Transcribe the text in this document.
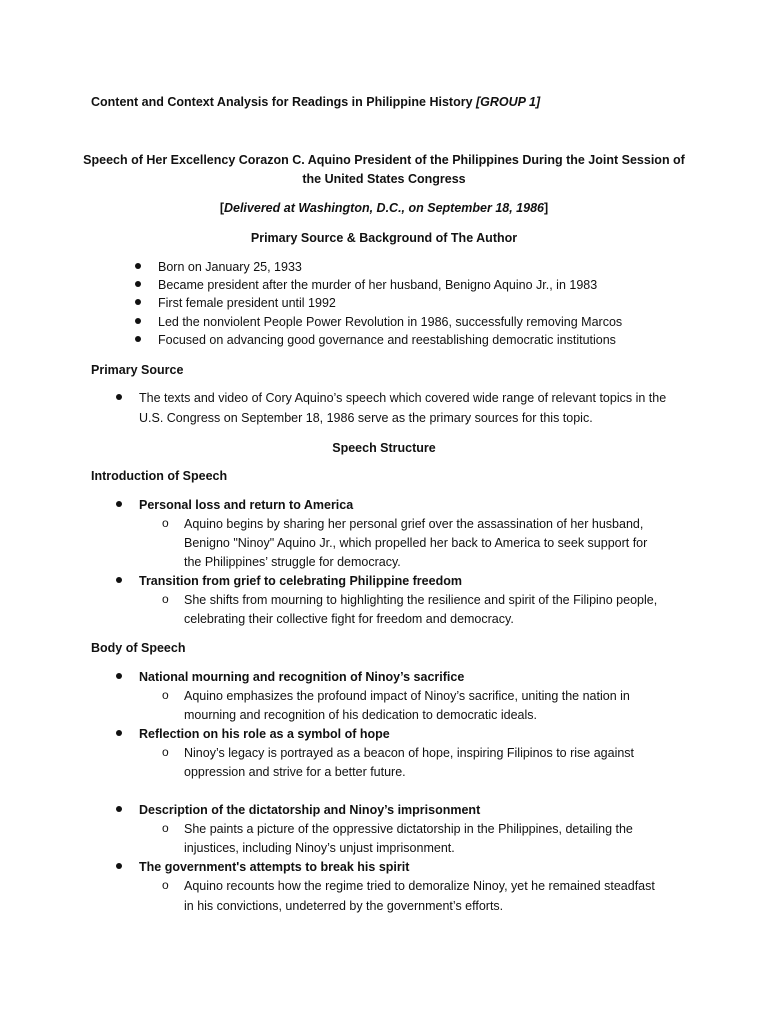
Content and Context Analysis for Readings in Philippine History [GROUP 1]
Speech of Her Excellency Corazon C. Aquino President of the Philippines During the Joint Session of
the United States Congress
[Delivered at Washington, D.C., on September 18, 1986]
Primary Source & Background of The Author
Born on January 25, 1933
Became president after the murder of her husband, Benigno Aquino Jr., in 1983
First female president until 1992
Led the nonviolent People Power Revolution in 1986, successfully removing Marcos
Focused on advancing good governance and reestablishing democratic institutions
Primary Source
The texts and video of Cory Aquino’s speech which covered wide range of relevant topics in the
U.S. Congress on September 18, 1986 serve as the primary sources for this topic.
Speech Structure
Introduction of Speech
Personal loss and return to America
o Aquino begins by sharing her personal grief over the assassination of her husband,
Benigno "Ninoy" Aquino Jr., which propelled her back to America to seek support for
the Philippines’ struggle for democracy.
Transition from grief to celebrating Philippine freedom
o She shifts from mourning to highlighting the resilience and spirit of the Filipino people,
celebrating their collective fight for freedom and democracy.
Body of Speech
National mourning and recognition of Ninoy’s sacrifice
o Aquino emphasizes the profound impact of Ninoy’s sacrifice, uniting the nation in
mourning and recognition of his dedication to democratic ideals.
Reflection on his role as a symbol of hope
o Ninoy’s legacy is portrayed as a beacon of hope, inspiring Filipinos to rise against
oppression and strive for a better future.
Description of the dictatorship and Ninoy’s imprisonment
o She paints a picture of the oppressive dictatorship in the Philippines, detailing the
injustices, including Ninoy’s unjust imprisonment.
The government's attempts to break his spirit
o Aquino recounts how the regime tried to demoralize Ninoy, yet he remained steadfast
in his convictions, undeterred by the government’s efforts.
